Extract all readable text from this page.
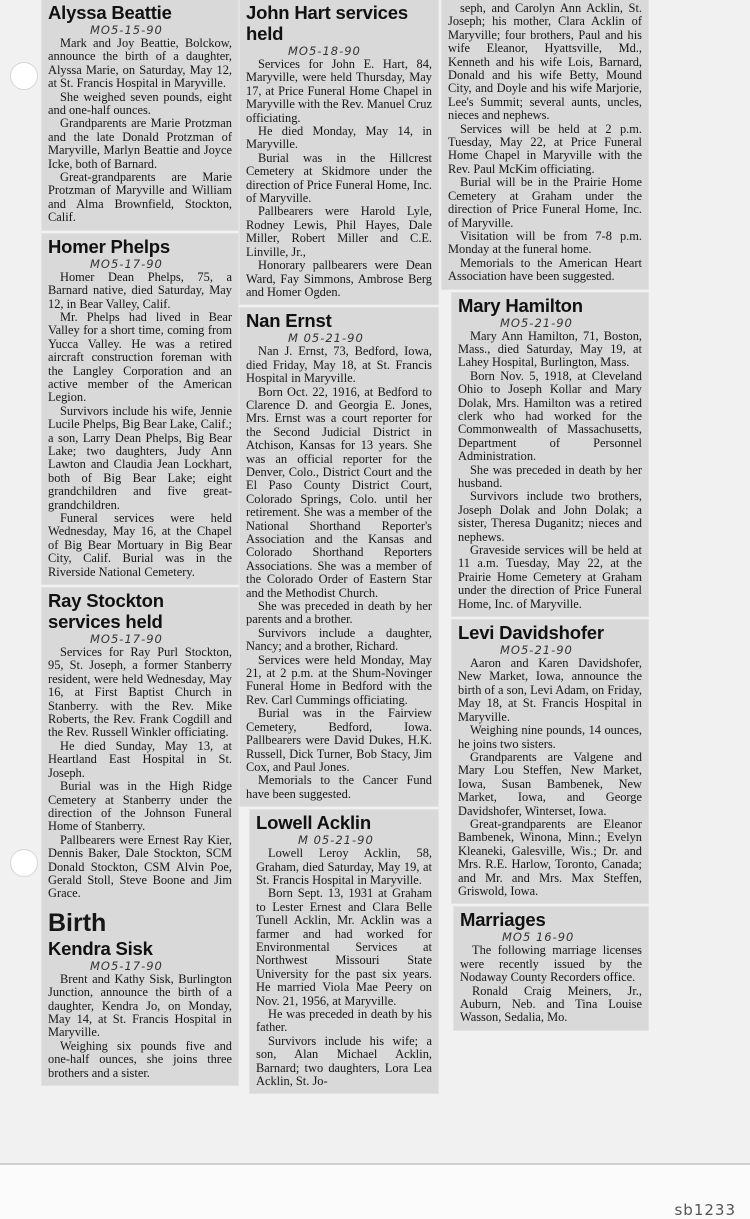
Alyssa Beattie
MO5-15-90

Mark and Joy Beattie, Bolckow, announce the birth of a daughter, Alyssa Marie, on Saturday, May 12, at St. Francis Hospital in Maryville.

She weighed seven pounds, eight and one-half ounces.

Grandparents are Marie Protzman and the late Donald Protzman of Maryville, Marlyn Beattie and Joyce Icke, both of Barnard.

Great-grandparents are Marie Protzman of Maryville and William and Alma Brownfield, Stockton, Calif.

Homer Phelps
MO5-17-90

Homer Dean Phelps, 75, a Barnard native, died Saturday, May 12, in Bear Valley, Calif.

Mr. Phelps had lived in Bear Valley for a short time, coming from Yucca Valley. He was a retired aircraft construction foreman with the Langley Corporation and an active member of the American Legion.

Survivors include his wife, Jennie Lucile Phelps, Big Bear Lake, Calif.; a son, Larry Dean Phelps, Big Bear Lake; two daughters, Judy Ann Lawton and Claudia Jean Lockhart, both of Big Bear Lake; eight grandchildren and five great-grandchildren.

Funeral services were held Wednesday, May 16, at the Chapel of Big Bear Mortuary in Big Bear City, Calif. Burial was in the Riverside National Cemetery.

Ray Stockton services held
MO5-17-90

Services for Ray Purl Stockton, 95, St. Joseph, a former Stanberry resident, were held Wednesday, May 16, at First Baptist Church in Stanberry. with the Rev. Mike Roberts, the Rev. Frank Cogdill and the Rev. Russell Winkler officiating.

He died Sunday, May 13, at Heartland East Hospital in St. Joseph.

Burial was in the High Ridge Cemetery at Stanberry under the direction of the Johnson Funeral Home of Stanberry.

Pallbearers were Ernest Ray Kier, Dennis Baker, Dale Stockton, SCM Donald Stockton, CSM Alvin Poe, Gerald Stoll, Steve Boone and Jim Grace.

Birth
Kendra Sisk
MO5-17-90

Brent and Kathy Sisk, Burlington Junction, announce the birth of a daughter, Kendra Jo, on Monday, May 14, at St. Francis Hospital in Maryville.

Weighing six pounds five and one-half ounces, she joins three brothers and a sister.

John Hart services held
MO5-18-90

Services for John E. Hart, 84, Maryville, were held Thursday, May 17, at Price Funeral Home Chapel in Maryville with the Rev. Manuel Cruz officiating.

He died Monday, May 14, in Maryville.

Burial was in the Hillcrest Cemetery at Skidmore under the direction of Price Funeral Home, Inc. of Maryville.

Pallbearers were Harold Lyle, Rodney Lewis, Phil Hayes, Dale Miller, Robert Miller and C.E. Linville, Jr.,

Honorary pallbearers were Dean Ward, Fay Simmons, Ambrose Berg and Homer Ogden.

Nan Ernst
M 05-21-90

Nan J. Ernst, 73, Bedford, Iowa, died Friday, May 18, at St. Francis Hospital in Maryville.

Born Oct. 22, 1916, at Bedford to Clarence D. and Georgia E. Jones, Mrs. Ernst was a court reporter for the Second Judicial District in Atchison, Kansas for 13 years. She was an official reporter for the Denver, Colo., District Court and the El Paso County District Court, Colorado Springs, Colo. until her retirement. She was a member of the National Shorthand Reporter's Association and the Kansas and Colorado Shorthand Reporters Associations. She was a member of the Colorado Order of Eastern Star and the Methodist Church.

She was preceded in death by her parents and a brother.

Survivors include a daughter, Nancy; and a brother, Richard.

Services were held Monday, May 21, at 2 p.m. at the Shum-Novinger Funeral Home in Bedford with the Rev. Carl Cummings officiating.

Burial was in the Fairview Cemetery, Bedford, Iowa. Pallbearers were David Dukes, H.K. Russell, Dick Turner, Bob Stacy, Jim Cox, and Paul Jones.

Memorials to the Cancer Fund have been suggested.

Lowell Acklin
M 05-21-90

Lowell Leroy Acklin, 58, Graham, died Saturday, May 19, at St. Francis Hospital in Maryville.

Born Sept. 13, 1931 at Graham to Lester Ernest and Clara Belle Tunell Acklin, Mr. Acklin was a farmer and had worked for Environmental Services at Northwest Missouri State University for the past six years. He married Viola Mae Peery on Nov. 21, 1956, at Maryville.

He was preceded in death by his father.

Survivors include his wife; a son, Alan Michael Acklin, Barnard; two daughters, Lora Lea Acklin, St. Jo-

seph, and Carolyn Ann Acklin, St. Joseph; his mother, Clara Acklin of Maryville; four brothers, Paul and his wife Eleanor, Hyattsville, Md., Kenneth and his wife Lois, Barnard, Donald and his wife Betty, Mound City, and Doyle and his wife Marjorie, Lee's Summit; several aunts, uncles, nieces and nephews.

Services will be held at 2 p.m. Tuesday, May 22, at Price Funeral Home Chapel in Maryville with the Rev. Paul McKim officiating.

Burial will be in the Prairie Home Cemetery at Graham under the direction of Price Funeral Home, Inc. of Maryville.

Visitation will be from 7-8 p.m. Monday at the funeral home.

Memorials to the American Heart Association have been suggested.

Mary Hamilton
MO5-21-90

Mary Ann Hamilton, 71, Boston, Mass., died Saturday, May 19, at Lahey Hospital, Burlington, Mass.

Born Nov. 5, 1918, at Cleveland Ohio to Joseph Kollar and Mary Dolak, Mrs. Hamilton was a retired clerk who had worked for the Commonwealth of Massachusetts, Department of Personnel Administration.

She was preceded in death by her husband.

Survivors include two brothers, Joseph Dolak and John Dolak; a sister, Theresa Duganitz; nieces and nephews.

Graveside services will be held at 11 a.m. Tuesday, May 22, at the Prairie Home Cemetery at Graham under the direction of Price Funeral Home, Inc. of Maryville.

Levi Davidshofer
MO5-21-90

Aaron and Karen Davidshofer, New Market, Iowa, announce the birth of a son, Levi Adam, on Friday, May 18, at St. Francis Hospital in Maryville.

Weighing nine pounds, 14 ounces, he joins two sisters.

Grandparents are Valgene and Mary Lou Steffen, New Market, Iowa, Susan Bambenek, New Market, Iowa, and George Davidshofer, Winterset, Iowa.

Great-grandparents are Eleanor Bambenek, Winona, Minn.; Evelyn Kleaneki, Galesville, Wis.; Dr. and Mrs. R.E. Harlow, Toronto, Canada; and Mr. and Mrs. Max Steffen, Griswold, Iowa.

Marriages
MO5 16-90

The following marriage licenses were recently issued by the Nodaway County Recorders office.

Ronald Craig Meiners, Jr., Auburn, Neb. and Tina Louise Wasson, Sedalia, Mo.

sb1233
